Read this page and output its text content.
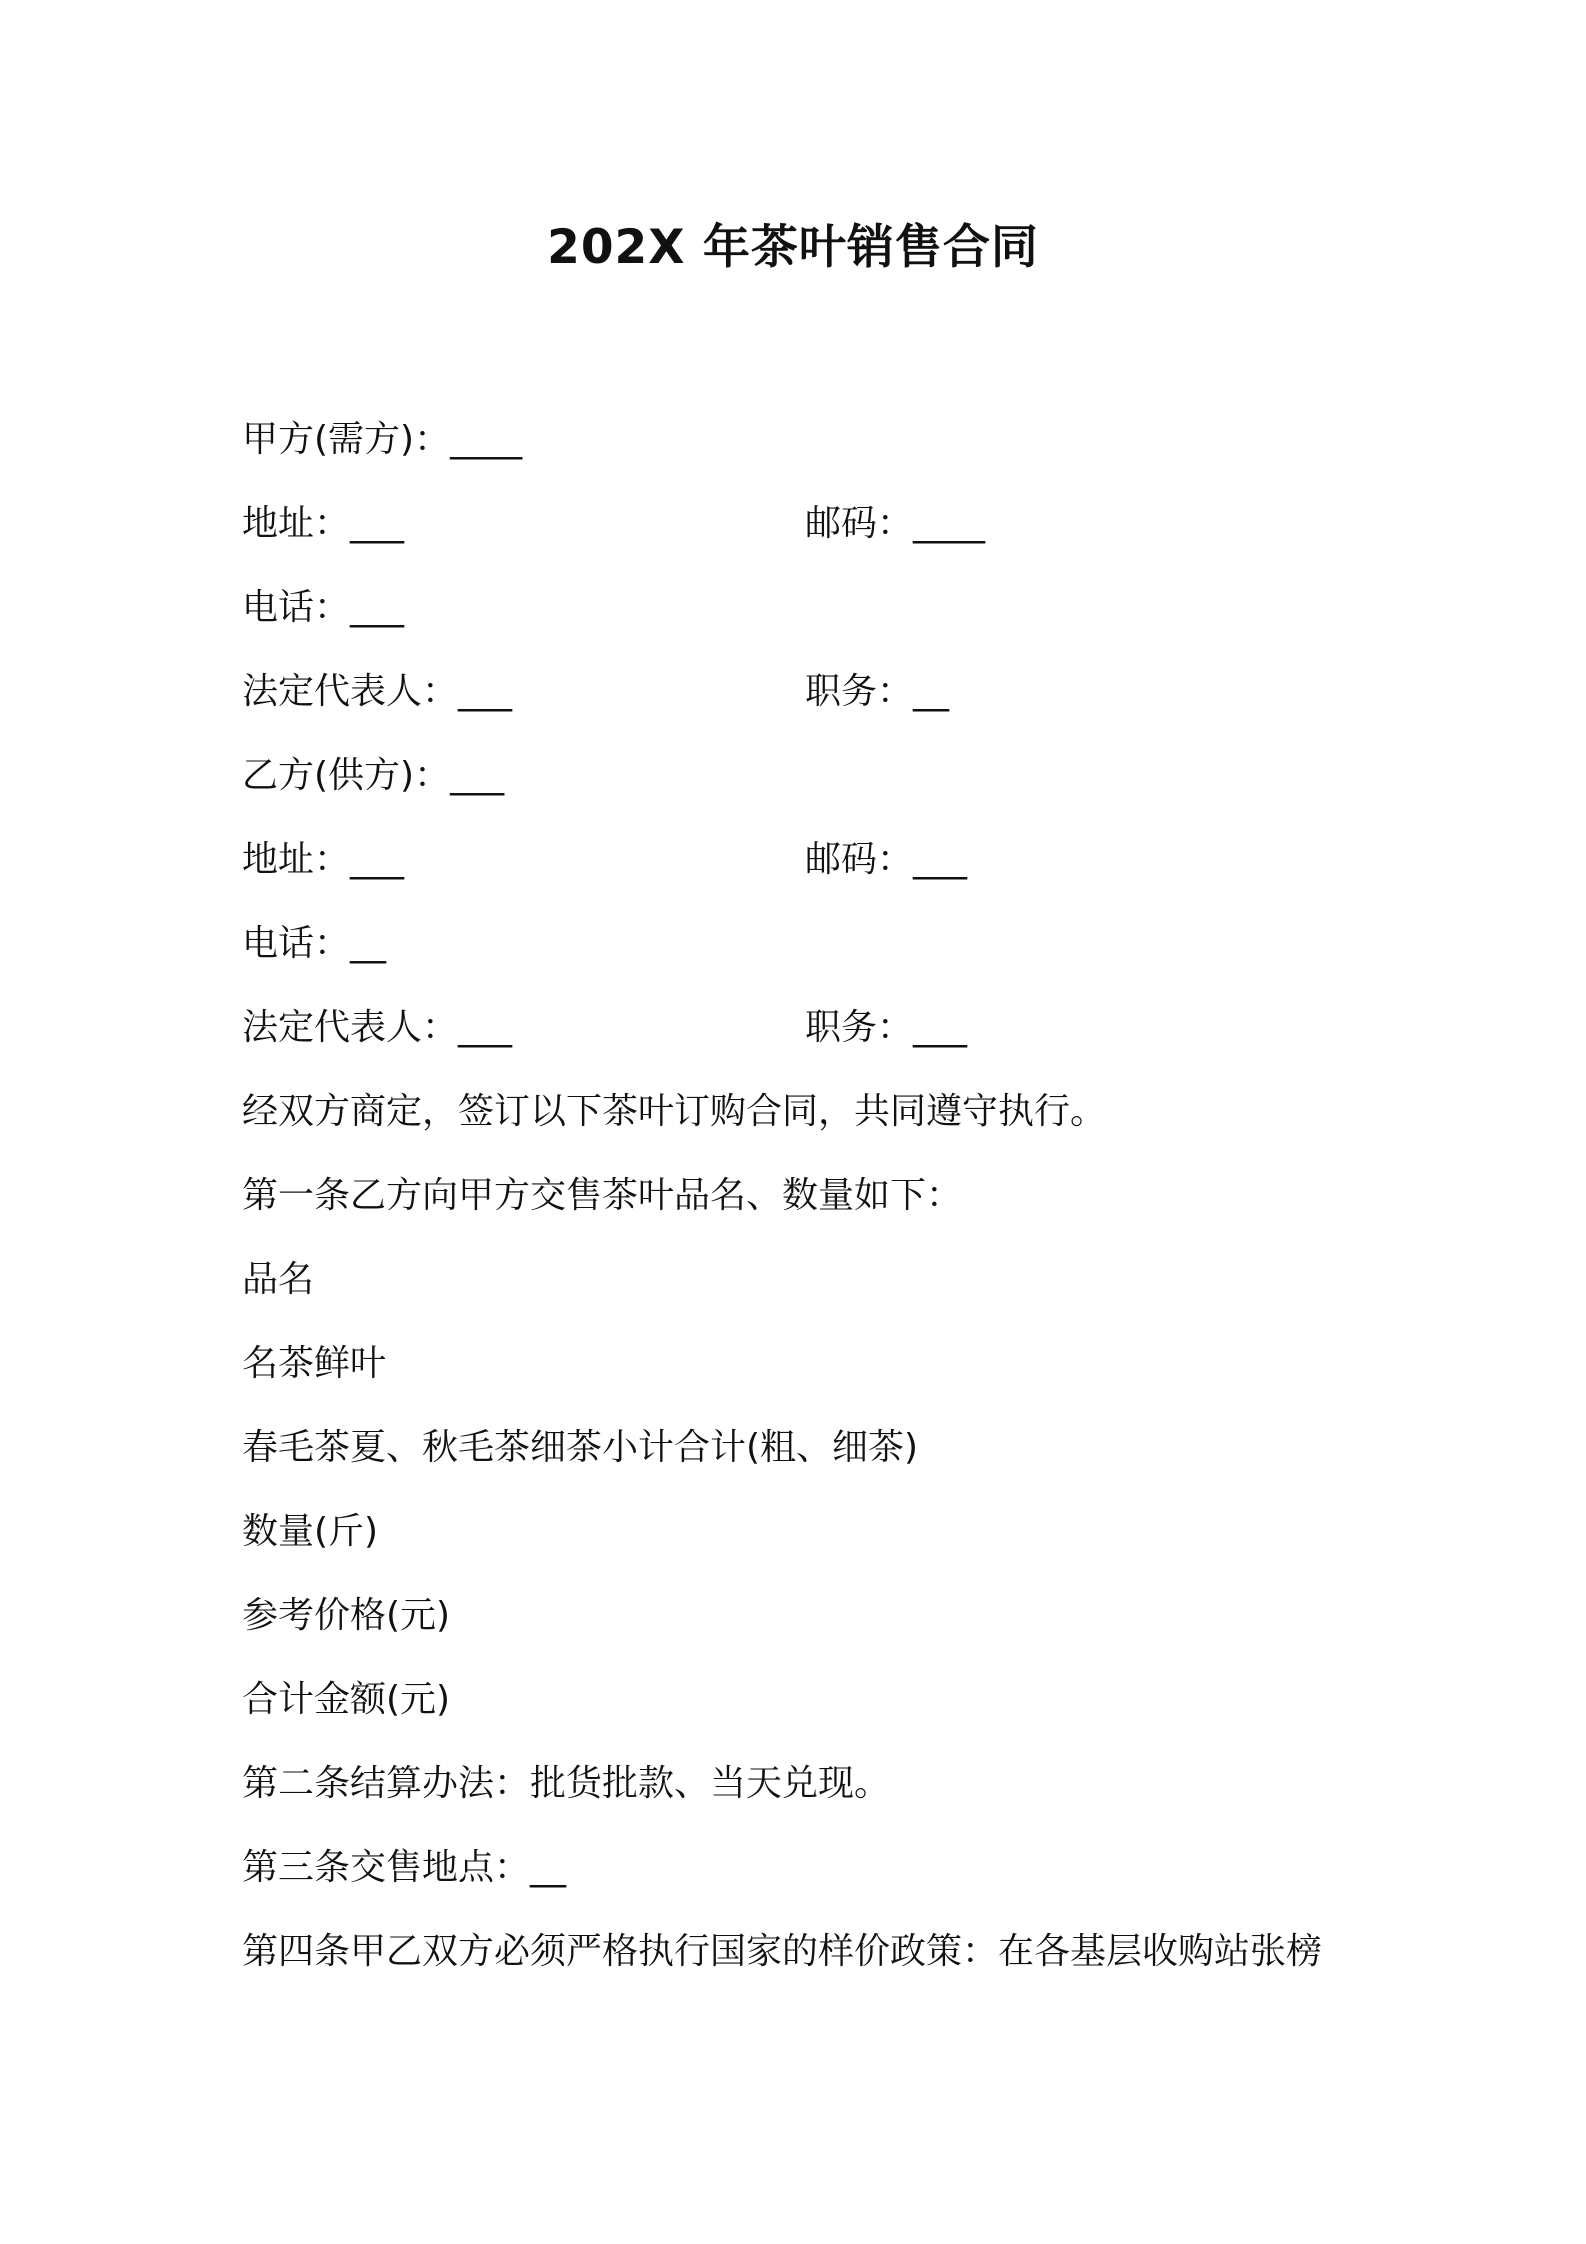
202X 年茶叶销售合同
甲方(需方)：____
地址：___	邮码：____
电话：___
法定代表人：___	职务：__
乙方(供方)：___
地址：___	邮码：___
电话：__
法定代表人：___	职务：___
经双方商定，签订以下茶叶订购合同，共同遵守执行。
第一条乙方向甲方交售茶叶品名、数量如下：
品名
名茶鲜叶
春毛茶夏、秋毛茶细茶小计合计(粗、细茶)
数量(斤)
参考价格(元)
合计金额(元)
第二条结算办法：批货批款、当天兑现。
第三条交售地点：__
第四条甲乙双方必须严格执行国家的样价政策：在各基层收购站张榜
